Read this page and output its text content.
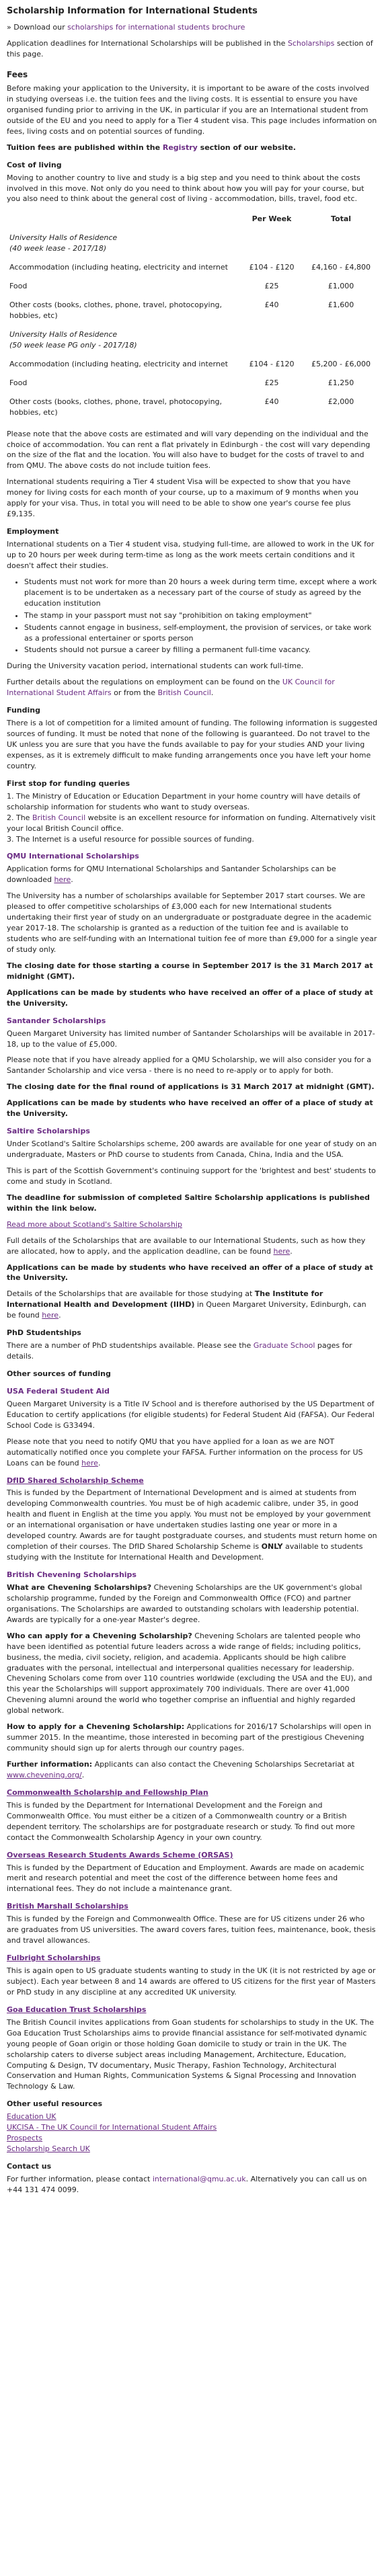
Scholarship Information for International Students

» Download our scholarships for international students brochure

Application deadlines for International Scholarships will be published in the Scholarships section of this page.

Fees

Before making your application to the University, it is important to be aware of the costs involved in studying overseas i.e. the tuition fees and the living costs. It is essential to ensure you have organised funding prior to arriving in the UK, in particular if you are an International student from outside of the EU and you need to apply for a Tier 4 student visa. This page includes information on fees, living costs and on potential sources of funding.

Tuition fees are published within the Registry section of our website.

Cost of living

Moving to another country to live and study is a big step and you need to think about the costs involved in this move. Not only do you need to think about how you will pay for your course, but you also need to think about the general cost of living - accommodation, bills, travel, food etc.

	Per Week	Total
University Halls of Residence
(40 week lease - 2017/18)		
Accommodation (including heating, electricity and internet	£104 - £120	£4,160 - £4,800
Food	£25	£1,000
Other costs (books, clothes, phone, travel, photocopying, hobbies, etc)	£40	£1,600
University Halls of Residence
(50 week lease PG only - 2017/18)		
Accommodation (including heating, electricity and internet	£104 - £120	£5,200 - £6,000
Food	£25	£1,250
Other costs (books, clothes, phone, travel, photocopying, hobbies, etc)	£40	£2,000

Please note that the above costs are estimated and will vary depending on the individual and the choice of accommodation. You can rent a flat privately in Edinburgh - the cost will vary depending on the size of the flat and the location. You will also have to budget for the costs of travel to and from QMU. The above costs do not include tuition fees.

International students requiring a Tier 4 student Visa will be expected to show that you have money for living costs for each month of your course, up to a maximum of 9 months when you apply for your visa. Thus, in total you will need to be able to show one year's course fee plus £9,135.

Employment

International students on a Tier 4 student visa, studying full-time, are allowed to work in the UK for up to 20 hours per week during term-time as long as the work meets certain conditions and it doesn't affect their studies.

• Students must not work for more than 20 hours a week during term time, except where a work placement is to be undertaken as a necessary part of the course of study as agreed by the education institution
• The stamp in your passport must not say "prohibition on taking employment"
• Students cannot engage in business, self-employment, the provision of services, or take work as a professional entertainer or sports person
• Students should not pursue a career by filling a permanent full-time vacancy.

During the University vacation period, international students can work full-time.

Further details about the regulations on employment can be found on the UK Council for International Student Affairs or from the British Council.

Funding

There is a lot of competition for a limited amount of funding. The following information is suggested sources of funding. It must be noted that none of the following is guaranteed. Do not travel to the UK unless you are sure that you have the funds available to pay for your studies AND your living expenses, as it is extremely difficult to make funding arrangements once you have left your home country.

First stop for funding queries

1. The Ministry of Education or Education Department in your home country will have details of scholarship information for students who want to study overseas.
2. The British Council website is an excellent resource for information on funding. Alternatively visit your local British Council office.
3. The Internet is a useful resource for possible sources of funding.

QMU International Scholarships

Application forms for QMU International Scholarships and Santander Scholarships can be downloaded here.

The University has a number of scholarships available for September 2017 start courses. We are pleased to offer competitive scholarships of £3,000 each for new International students undertaking their first year of study on an undergraduate or postgraduate degree in the academic year 2017-18. The scholarship is granted as a reduction of the tuition fee and is available to students who are self-funding with an International tuition fee of more than £9,000 for a single year of study only.

The closing date for those starting a course in September 2017 is the 31 March 2017 at midnight (GMT).

Applications can be made by students who have received an offer of a place of study at the University.

Santander Scholarships

Queen Margaret University has limited number of Santander Scholarships will be available in 2017-18, up to the value of £5,000.

Please note that if you have already applied for a QMU Scholarship, we will also consider you for a Santander Scholarship and vice versa - there is no need to re-apply or to apply for both.

The closing date for the final round of applications is 31 March 2017 at midnight (GMT).

Applications can be made by students who have received an offer of a place of study at the University.

Saltire Scholarships

Under Scotland's Saltire Scholarships scheme, 200 awards are available for one year of study on an undergraduate, Masters or PhD course to students from Canada, China, India and the USA.

This is part of the Scottish Government's continuing support for the 'brightest and best' students to come and study in Scotland.

The deadline for submission of completed Saltire Scholarship applications is published within the link below.

Read more about Scotland's Saltire Scholarship

Full details of the Scholarships that are available to our International Students, such as how they are allocated, how to apply, and the application deadline, can be found here.

Applications can be made by students who have received an offer of a place of study at the University.

Details of the Scholarships that are available for those studying at The Institute for International Health and Development (IIHD) in Queen Margaret University, Edinburgh, can be found here.

PhD Studentships

There are a number of PhD studentships available. Please see the Graduate School pages for details.

Other sources of funding
USA Federal Student Aid

Queen Margaret University is a Title IV School and is therefore authorised by the US Department of Education to certify applications (for eligible students) for Federal Student Aid (FAFSA). Our Federal School Code is G33494.

Please note that you need to notify QMU that you have applied for a loan as we are NOT automatically notified once you complete your FAFSA. Further information on the process for US Loans can be found here.

DfID Shared Scholarship Scheme

This is funded by the Department of International Development and is aimed at students from developing Commonwealth countries. You must be of high academic calibre, under 35, in good health and fluent in English at the time you apply. You must not be employed by your government or an international organisation or have undertaken studies lasting one year or more in a developed country. Awards are for taught postgraduate courses, and students must return home on completion of their courses. The DfID Shared Scholarship Scheme is ONLY available to students studying with the Institute for International Health and Development.

British Chevening Scholarships

What are Chevening Scholarships? Chevening Scholarships are the UK government's global scholarship programme, funded by the Foreign and Commonwealth Office (FCO) and partner organisations. The Scholarships are awarded to outstanding scholars with leadership potential. Awards are typically for a one-year Master's degree.

Who can apply for a Chevening Scholarship? Chevening Scholars are talented people who have been identified as potential future leaders across a wide range of fields; including politics, business, the media, civil society, religion, and academia. Applicants should be high calibre graduates with the personal, intellectual and interpersonal qualities necessary for leadership. Chevening Scholars come from over 110 countries worldwide (excluding the USA and the EU), and this year the Scholarships will support approximately 700 individuals. There are over 41,000 Chevening alumni around the world who together comprise an influential and highly regarded global network.

How to apply for a Chevening Scholarship: Applications for 2016/17 Scholarships will open in summer 2015. In the meantime, those interested in becoming part of the prestigious Chevening community should sign up for alerts through our country pages.

Further information: Applicants can also contact the Chevening Scholarships Secretariat at www.chevening.org/.

Commonwealth Scholarship and Fellowship Plan

This is funded by the Department for International Development and the Foreign and Commonwealth Office. You must either be a citizen of a Commonwealth country or a British dependent territory. The scholarships are for postgraduate research or study. To find out more contact the Commonwealth Scholarship Agency in your own country.

Overseas Research Students Awards Scheme (ORSAS)

This is funded by the Department of Education and Employment. Awards are made on academic merit and research potential and meet the cost of the difference between home fees and international fees. They do not include a maintenance grant.

British Marshall Scholarships

This is funded by the Foreign and Commonwealth Office. These are for US citizens under 26 who are graduates from US universities. The award covers fares, tuition fees, maintenance, book, thesis and travel allowances.

Fulbright Scholarships

This is again open to US graduate students wanting to study in the UK (it is not restricted by age or subject). Each year between 8 and 14 awards are offered to US citizens for the first year of Masters or PhD study in any discipline at any accredited UK university.

Goa Education Trust Scholarships

The British Council invites applications from Goan students for scholarships to study in the UK. The Goa Education Trust Scholarships aims to provide financial assistance for self-motivated dynamic young people of Goan origin or those holding Goan domicile to study or train in the UK. The scholarship caters to diverse subject areas including Management, Architecture, Education, Computing & Design, TV documentary, Music Therapy, Fashion Technology, Architectural Conservation and Human Rights, Communication Systems & Signal Processing and Innovation Technology & Law.

Other useful resources
Education UK
UKCISA - The UK Council for International Student Affairs
Prospects
Scholarship Search UK
Contact us

For further information, please contact international@qmu.ac.uk. Alternatively you can call us on +44 131 474 0099.
